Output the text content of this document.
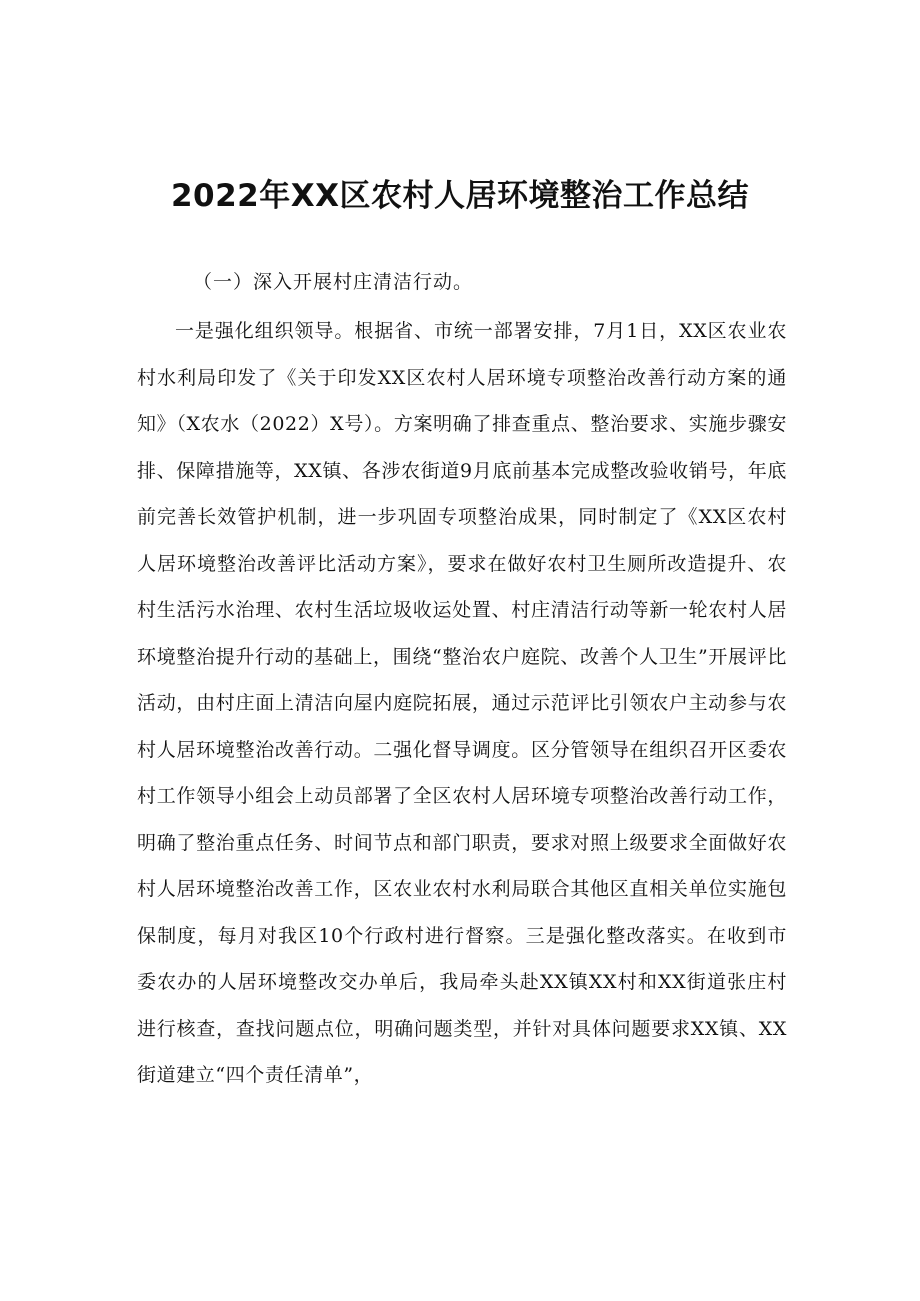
2022年XX区农村人居环境整治工作总结

（一）深入开展村庄清洁行动。

一是强化组织领导。根据省、市统一部署安排，7月1日，XX区农业农村水利局印发了《关于印发XX区农村人居环境专项整治改善行动方案的通知》（X农水（2022）X号）。方案明确了排查重点、整治要求、实施步骤安排、保障措施等，XX镇、各涉农街道9月底前基本完成整改验收销号，年底前完善长效管护机制，进一步巩固专项整治成果，同时制定了《XX区农村人居环境整治改善评比活动方案》，要求在做好农村卫生厕所改造提升、农村生活污水治理、农村生活垃圾收运处置、村庄清洁行动等新一轮农村人居环境整治提升行动的基础上，围绕“整治农户庭院、改善个人卫生”开展评比活动，由村庄面上清洁向屋内庭院拓展，通过示范评比引领农户主动参与农村人居环境整治改善行动。二强化督导调度。区分管领导在组织召开区委农村工作领导小组会上动员部署了全区农村人居环境专项整治改善行动工作，明确了整治重点任务、时间节点和部门职责，要求对照上级要求全面做好农村人居环境整治改善工作，区农业农村水利局联合其他区直相关单位实施包保制度，每月对我区10个行政村进行督察。三是强化整改落实。在收到市委农办的人居环境整改交办单后，我局牵头赴XX镇XX村和XX街道张庄村进行核查，查找问题点位，明确问题类型，并针对具体问题要求XX镇、XX街道建立“四个责任清单”，
